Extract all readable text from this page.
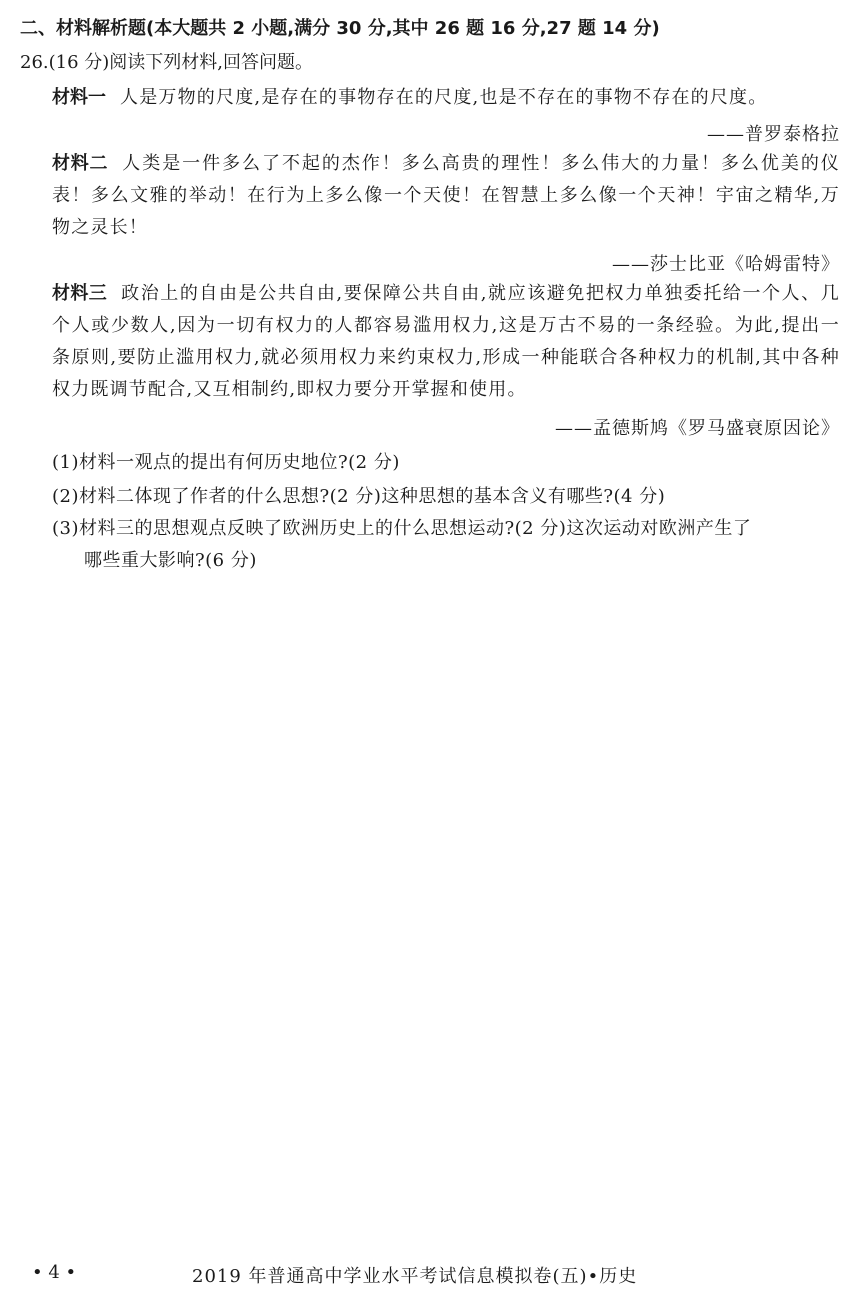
二、材料解析题(本大题共 2 小题,满分 30 分,其中 26 题 16 分,27 题 14 分)
26.(16 分)阅读下列材料,回答问题。
材料一 人是万物的尺度,是存在的事物存在的尺度,也是不存在的事物不存在的尺度。
——普罗泰格拉
材料二 人类是一件多么了不起的杰作！多么高贵的理性！多么伟大的力量！多么优美的仪表！多么文雅的举动！在行为上多么像一个天使！在智慧上多么像一个天神！宇宙之精华,万物之灵长！
——莎士比亚《哈姆雷特》
材料三 政治上的自由是公共自由,要保障公共自由,就应该避免把权力单独委托给一个人、几个人或少数人,因为一切有权力的人都容易滥用权力,这是万古不易的一条经验。为此,提出一条原则,要防止滥用权力,就必须用权力来约束权力,形成一种能联合各种权力的机制,其中各种权力既调节配合,又互相制约,即权力要分开掌握和使用。
——孟德斯鸠《罗马盛衰原因论》
(1)材料一观点的提出有何历史地位?(2 分)
(2)材料二体现了作者的什么思想?(2 分)这种思想的基本含义有哪些?(4 分)
(3)材料三的思想观点反映了欧洲历史上的什么思想运动?(2 分)这次运动对欧洲产生了
哪些重大影响?(6 分)
• 4 •	2019 年普通高中学业水平考试信息模拟卷(五)•历史
